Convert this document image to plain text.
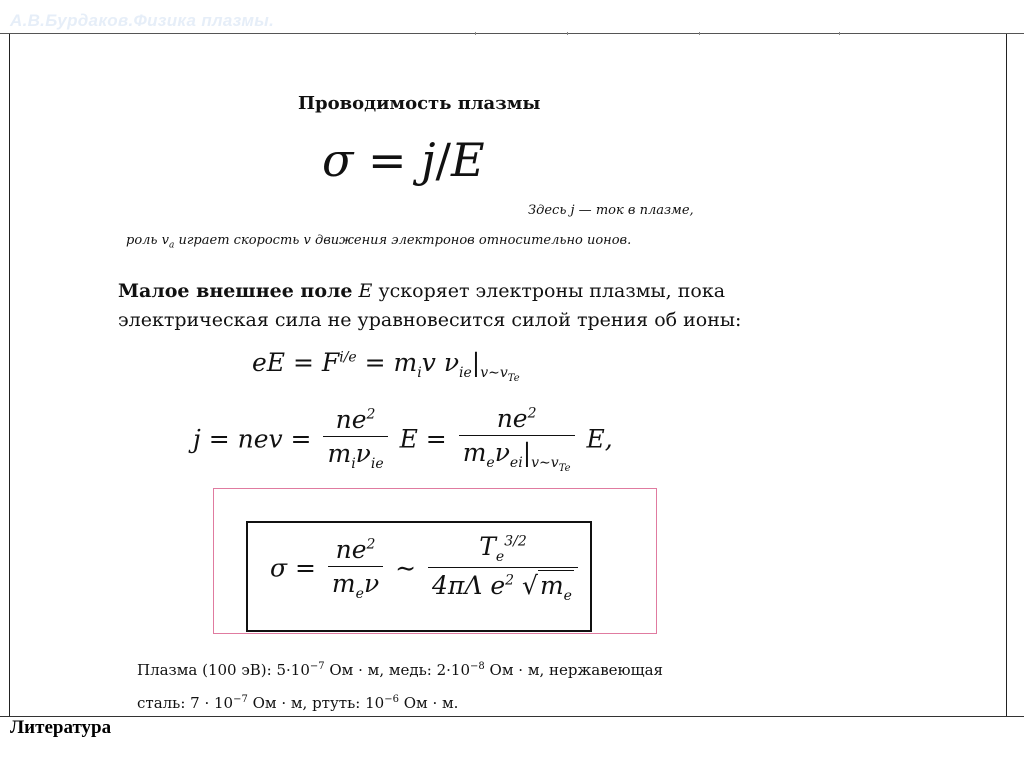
А.В.Бурдаков.Физика плазмы.
Проводимость плазмы
σ = j/E
Здесь j — ток в плазме,
роль $v_a$ играет скорость v движения электронов относительно ионов.
Малое внешнее поле E ускоряет электроны плазмы, пока электрическая сила не уравновесится силой трения об ионы:
eE = $F^{i/e} = m_iv$ $\nu_{ie}|_{v\sim v_{Te}}$
j = nev = $\frac{ne^2}{m_i\nu_{ie}}$ $E = \frac{ne^2}{m_e\nu_{ei}|_{v\sim v_{Te}}} E$,
$\sigma = \frac{ne^2}{m_e\nu}$ ∼ $\frac{T_e^{3/2}}{4\pi\Lambda e^2 √m_e}$
Плазма (100 эВ): $5\cdot 10^{-7}$ Ом · м, медь: $2\cdot 10^{-8}$ Ом · м, нержавеющая
сталь: $7 \cdot 10^{-7}$ Ом · м, ртуть: $10^{-6}$ Ом · м.
Литература
